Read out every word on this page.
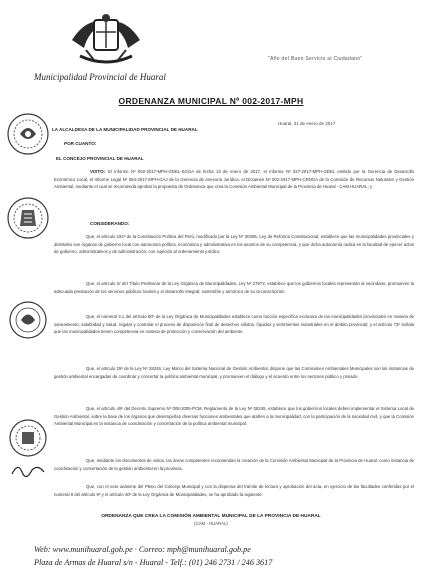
Municipalidad Provincial de Huaral
"Año del Buen Servicio al Ciudadano"
ORDENANZA MUNICIPAL Nº 002-2017-MPH
Huaral, 31 de enero de 2017
LA ALCALDESA DE LA MUNICIPALIDAD PROVINCIAL DE HUARAL
POR CUANTO:
EL CONCEJO PROVINCIAL DE HUARAL
VISTO: El Informe Nº 002-2017-MPH-GDEL-SGGA de fecha 13 de enero de 2017, el Informe Nº 027-2017-MPH-GDEL emitido por la Gerencia de Desarrollo Económico Local, el Informe Legal Nº 054-2017-MPH-GAJ de la Gerencia de Asesoría Jurídica, el Dictamen Nº 002-2017-MPH-CRNGA de la Comisión de Recursos Naturales y Gestión Ambiental, mediante el cual se recomienda aprobar la propuesta de Ordenanza que crea la Comisión Ambiental Municipal de la Provincia de Huaral - CAM HUARAL; y

CONSIDERANDO:

Que, el artículo 194º de la Constitución Política del Perú, modificado por la Ley Nº 30305, Ley de Reforma Constitucional, establece que las municipalidades provinciales y distritales son órganos de gobierno local con autonomía política, económica y administrativa en los asuntos de su competencia, y que dicha autonomía radica en la facultad de ejercer actos de gobierno, administrativos y de administración, con sujeción al ordenamiento jurídico.

Que, el artículo IV del Título Preliminar de la Ley Orgánica de Municipalidades, Ley Nº 27972, establece que los gobiernos locales representan al vecindario, promueven la adecuada prestación de los servicios públicos locales y el desarrollo integral, sostenible y armónico de su circunscripción.

Que, el numeral 3.1 del artículo 80º de la Ley Orgánica de Municipalidades establece como función específica exclusiva de las municipalidades provinciales en materia de saneamiento, salubridad y salud, regular y controlar el proceso de disposición final de desechos sólidos, líquidos y vertimientos industriales en el ámbito provincial; y el artículo 73º señala que las municipalidades tienen competencia en materia de protección y conservación del ambiente.

Que, el artículo 25º de la Ley Nº 28245, Ley Marco del Sistema Nacional de Gestión Ambiental, dispone que las Comisiones Ambientales Municipales son las instancias de gestión ambiental encargadas de coordinar y concertar la política ambiental municipal, y promueven el diálogo y el acuerdo entre los sectores público y privado.

Que, el artículo 49º del Decreto Supremo Nº 008-2005-PCM, Reglamento de la Ley Nº 28245, establece que los gobiernos locales deben implementar el Sistema Local de Gestión Ambiental, sobre la base de los órganos que desempeñan diversas funciones ambientales que atañen a la municipalidad, con la participación de la sociedad civil, y que la Comisión Ambiental Municipal es la instancia de coordinación y concertación de la política ambiental municipal.

Que, mediante los documentos de vistos, las áreas competentes recomiendan la creación de la Comisión Ambiental Municipal de la Provincia de Huaral, como instancia de coordinación y concertación de la gestión ambiental en la provincia.

Que, con el voto unánime del Pleno del Concejo Municipal y con la dispensa del trámite de lectura y aprobación del acta, en ejercicio de las facultades conferidas por el numeral 8 del artículo 9º y el artículo 40º de la Ley Orgánica de Municipalidades, se ha aprobado la siguiente:

ORDENANZA QUE CREA LA COMISIÓN AMBIENTAL MUNICIPAL DE LA PROVINCIA DE HUARAL
(CAM - HUARAL)
Web: www.munihuaral.gob.pe · Correo: mph@munihuaral.gob.pe
Plaza de Armas de Huaral s/n - Huaral - Telf.: (01) 246 2731 / 246 3617
